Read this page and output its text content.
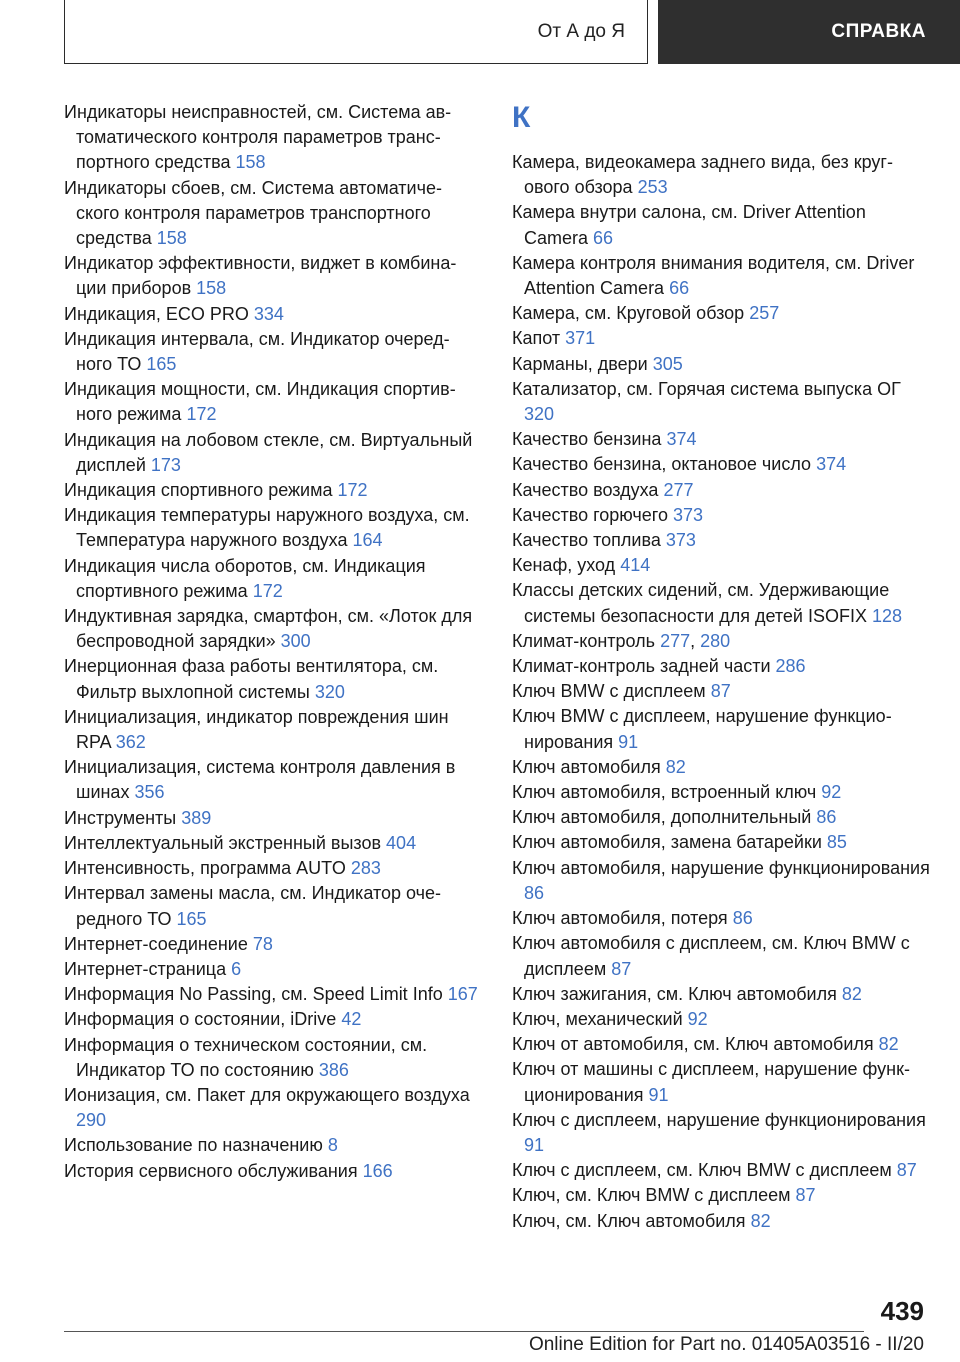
От А до Я	СПРАВКА

Индикаторы неисправностей, см. Система автоматического контроля параметров транспортного средства 158

Индикаторы сбоев, см. Система автоматического контроля параметров транспортного средства 158

Индикатор эффективности, виджет в комбинации приборов 158

Индикация, ECO PRO 334

Индикация интервала, см. Индикатор очередного ТО 165

Индикация мощности, см. Индикация спортивного режима 172

Индикация на лобовом стекле, см. Виртуальный дисплей 173

Индикация спортивного режима 172

Индикация температуры наружного воздуха, см. Температура наружного воздуха 164

Индикация числа оборотов, см. Индикация спортивного режима 172

Индуктивная зарядка, смартфон, см. «Лоток для беспроводной зарядки» 300

Инерционная фаза работы вентилятора, см. Фильтр выхлопной системы 320

Инициализация, индикатор повреждения шин RPA 362

Инициализация, система контроля давления в шинах 356

Инструменты 389

Интеллектуальный экстренный вызов 404

Интенсивность, программа AUTO 283

Интервал замены масла, см. Индикатор очередного ТО 165

Интернет-соединение 78

Интернет-страница 6

Информация No Passing, см. Speed Limit Info 167

Информация о состоянии, iDrive 42

Информация о техническом состоянии, см. Индикатор ТО по состоянию 386

Ионизация, см. Пакет для окружающего воздуха 290

Использование по назначению 8

История сервисного обслуживания 166

К

Камера, видеокамера заднего вида, без кругового обзора 253

Камера внутри салона, см. Driver Attention Camera 66

Камера контроля внимания водителя, см. Driver Attention Camera 66

Камера, см. Круговой обзор 257

Капот 371

Карманы, двери 305

Катализатор, см. Горячая система выпуска ОГ 320

Качество бензина 374

Качество бензина, октановое число 374

Качество воздуха 277

Качество горючего 373

Качество топлива 373

Кенаф, уход 414

Классы детских сидений, см. Удерживающие системы безопасности для детей ISOFIX 128

Климат-контроль 277, 280

Климат-контроль задней части 286

Ключ BMW с дисплеем 87

Ключ BMW с дисплеем, нарушение функционирования 91

Ключ автомобиля 82

Ключ автомобиля, встроенный ключ 92

Ключ автомобиля, дополнительный 86

Ключ автомобиля, замена батарейки 85

Ключ автомобиля, нарушение функционирования 86

Ключ автомобиля, потеря 86

Ключ автомобиля с дисплеем, см. Ключ BMW с дисплеем 87

Ключ зажигания, см. Ключ автомобиля 82

Ключ, механический 92

Ключ от автомобиля, см. Ключ автомобиля 82

Ключ от машины с дисплеем, нарушение функционирования 91

Ключ с дисплеем, нарушение функционирования 91

Ключ с дисплеем, см. Ключ BMW с дисплеем 87

Ключ, см. Ключ BMW с дисплеем 87

Ключ, см. Ключ автомобиля 82

439
Online Edition for Part no. 01405A03516 - II/20
